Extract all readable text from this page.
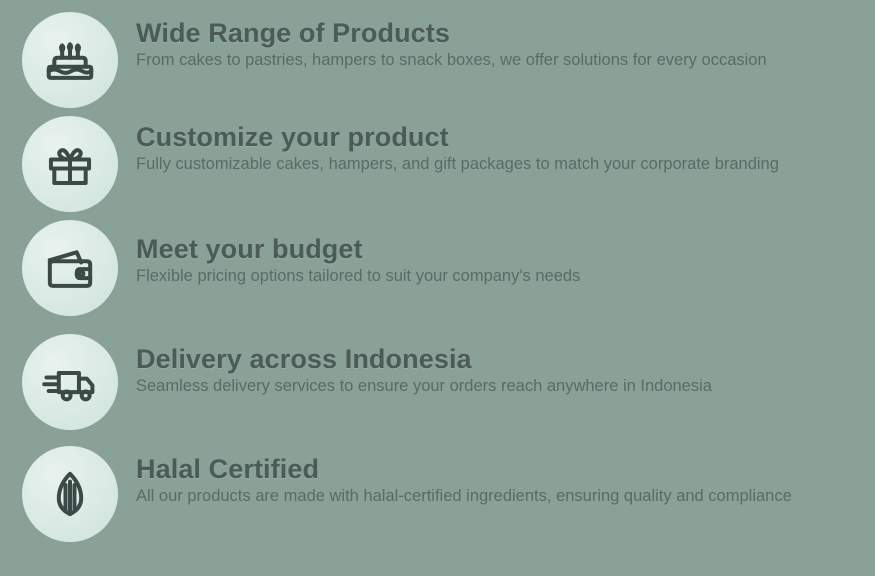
Wide Range of Products

From cakes to pastries, hampers to snack boxes, we offer solutions for every occasion

Customize your product

Fully customizable cakes, hampers, and gift packages to match your corporate branding

Meet your budget

Flexible pricing options tailored to suit your company's needs

Delivery across Indonesia

Seamless delivery services to ensure your orders reach anywhere in Indonesia

Halal Certified

All our products are made with halal-certified ingredients, ensuring quality and compliance
